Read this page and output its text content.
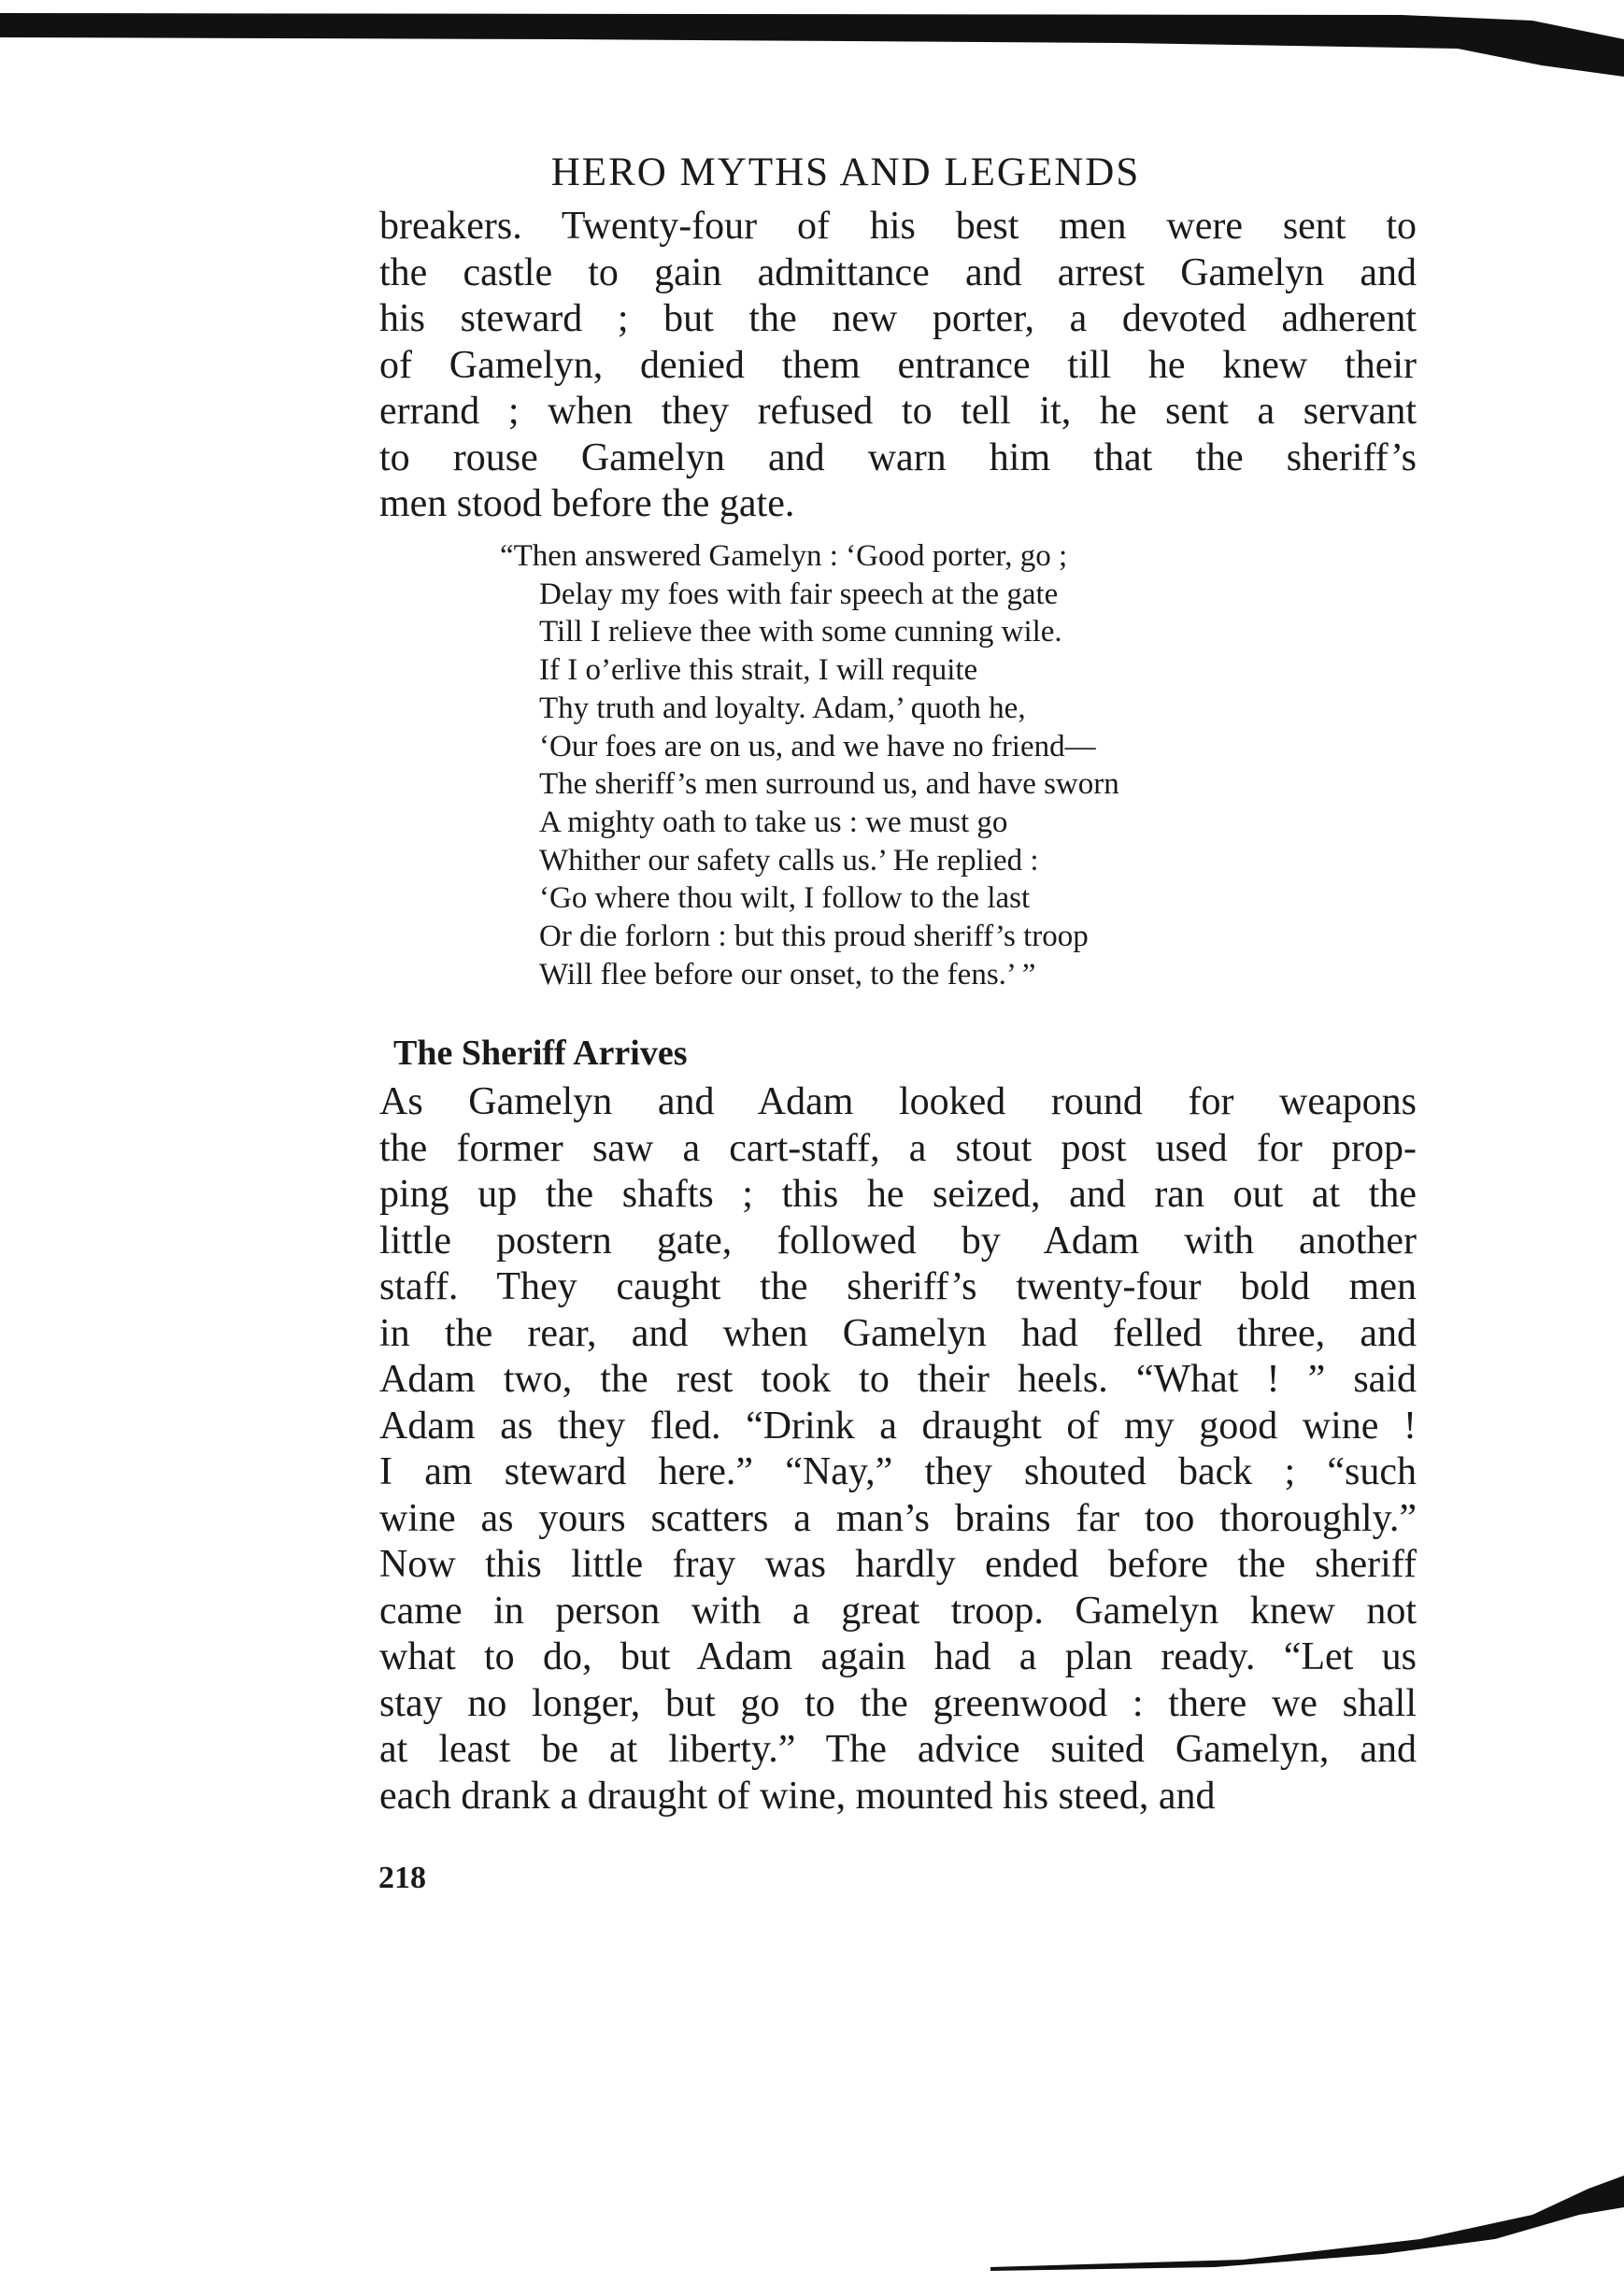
HERO MYTHS AND LEGENDS
breakers. Twenty-four of his best men were sent to
the castle to gain admittance and arrest Gamelyn and
his steward ; but the new porter, a devoted adherent
of Gamelyn, denied them entrance till he knew their
errand ; when they refused to tell it, he sent a servant
to rouse Gamelyn and warn him that the sheriff’s
men stood before the gate.
“Then answered Gamelyn : ‘Good porter, go ;
Delay my foes with fair speech at the gate
Till I relieve thee with some cunning wile.
If I o’erlive this strait, I will requite
Thy truth and loyalty. Adam,’ quoth he,
‘Our foes are on us, and we have no friend—
The sheriff’s men surround us, and have sworn
A mighty oath to take us : we must go
Whither our safety calls us.’ He replied :
‘Go where thou wilt, I follow to the last
Or die forlorn : but this proud sheriff’s troop
Will flee before our onset, to the fens.’ ”
The Sheriff Arrives
As Gamelyn and Adam looked round for weapons
the former saw a cart-staff, a stout post used for prop-
ping up the shafts ; this he seized, and ran out at the
little postern gate, followed by Adam with another
staff. They caught the sheriff’s twenty-four bold men
in the rear, and when Gamelyn had felled three, and
Adam two, the rest took to their heels. “What ! ” said
Adam as they fled. “Drink a draught of my good wine !
I am steward here.” “Nay,” they shouted back ; “such
wine as yours scatters a man’s brains far too thoroughly.”
Now this little fray was hardly ended before the sheriff
came in person with a great troop. Gamelyn knew not
what to do, but Adam again had a plan ready. “Let us
stay no longer, but go to the greenwood : there we shall
at least be at liberty.” The advice suited Gamelyn, and
each drank a draught of wine, mounted his steed, and
218
